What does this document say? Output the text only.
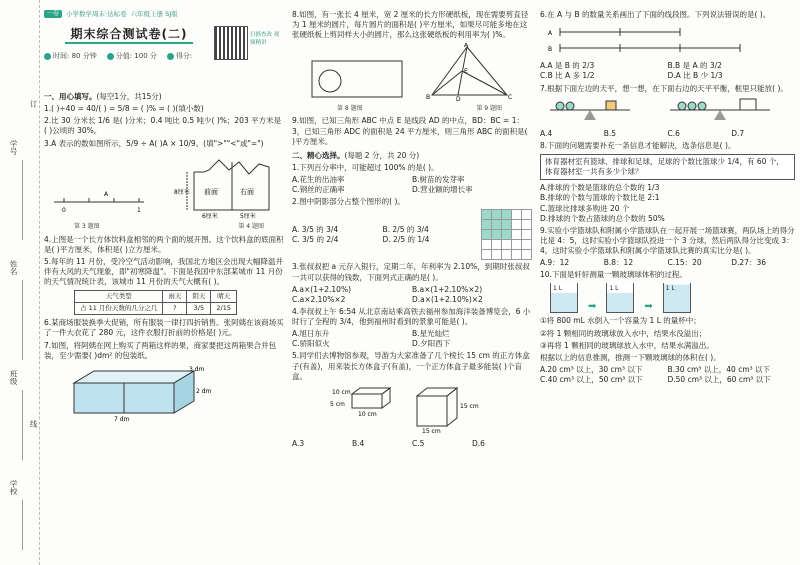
学号
姓名
班级
学校
订
线
一卷	小学数学周末·达标卷 六年级上册 SJ版
期末综合测试卷(二)
时间: 80 分钟	分值: 100 分	得分:
扫描查改 视频精讲
一、用心填写。(每空1分，共15分)

1.( )÷40 = 40/( ) = 5/8 = ( )% = ( )(填小数)

2.比 30 分米长 1/6 是( )分米；0.4 吨比 0.5 吨少( )%；203 平方米是( )公顷的 30%。

3.A 表示的数如图所示，5/9 ÷ A( )A × 10/9。(填">""<"或"=")

0	1
A	8厘米 前面	右面
6厘米	5厘米
第 3 题图	第 4 题图

4.上图是一个长方体饮料盒相邻的两个面的展开图。这个饮料盒的底面积是( )平方厘米，体积是( )立方厘米。

5.每年的 11 月份，受冷空气活动影响，我国北方地区会出现大幅降温并伴有大风的天气现象，即"初寒降温"。下面是我国中东部某城市 11 月份的天气情况统计表，该城市 11 月份的天气大概有( )。

天气类型	雨天	阴天	晴天
占 11 月份天数的几分之几	?	3/5	2/15

6.某商场服装换季大促销，所有服装一律打四折销售。张阿姨在该商场买了一件大衣花了 280 元，这件衣服打折前的价格是( )元。

7.如图，将阿姨在网上购买了两箱这样的果，商家要把这两箱果合并包装，至少需要( )dm² 的包装纸。

2 dm
3 dm
7 dm

8.如图，有一张长 4 厘米，宽 2 厘米的长方形硬纸板，现在需要剪直径为 1 厘米的圆片，每片圆片的面积是( )平方厘米，如果尽可能多地在这张硬纸板上剪同样大小的圆片，那么这张硬纸板的利用率为( )%。

A
B	D	C
E
第 8 题图	第 9 题图

9.如图，已知三角形 ABC 中点 E 是线段 AD 的中点，BD：BC = 1：3，已知三角形 ADC 的面积是 24 平方厘米，则三角形 ABC 的面积是( )平方厘米。

二、精心选择。(每题 2 分，共 20 分)

1.下列百分率中，可能超过 100% 的是( )。

A.花生的出油率	B.树苗的发芽率
C.钢丝的正确率	D.营业额的增长率

2.图中阴影部分占整个图形的( )。

A. 3/5 的 3/4	B. 2/5 的 3/4
C. 3/5 的 2/4	D. 2/5 的 1/4

3.张叔叔把 a 元存入银行，定期二年，年利率为 2.10%，到期时张叔叔一共可以获得的钱数，下面列式正确的是( )。

A.a×(1+2.10%)	B.a×(1+2.10%×2)
C.a×2.10%×2	D.a×(1+2.10%)×2

4.李叔叔上午 6:54 从北京南站乘高铁去福州参加海洋装备博览会，6 小时行了全程的 3/4，他到福州时看到的景象可能是( )。

A.旭日东升	B.星光灿烂
C.骄阳似火	D.夕阳西下

5.同学们去博物馆参观，导游为大家准备了几个棱长 15 cm 的正方体盒子(有盖)，用来装长方体盒子(有盖)，一个正方体盒子最多能装( )个盲盒。

10 cm
5 cm
10 cm
15 cm
15 cm
A.3	B.4	C.5	D.6

6.在 A 与 B 的数量关系画出了下面的线段图。下列说法错误的是( )。

A
B
A.A 是 B 的 2/3	B.B 是 A 的 3/2
C.B 比 A 多 1/2	D.A 比 B 少 1/3

7.根据下面左边的天平，想一想，在下面右边的天平平衡，框里只能放( )。

A.4	B.5	C.6	D.7

8.下面的问题需要补充一条信息才能解决，选条信息是( )。

体育器材室有篮球、排球和足球，足球的个数比篮球少 1/4，有 60 个，体育器材室一共有多少个球？

A.排球的个数是篮球的总个数的 1/3

B.排球的个数与篮球的个数比是 2:1

C.篮球比排球多购进 20 个

D.排球的个数占篮球的总个数的 50%

9.实验小学篮球队和附属小学篮球队在一起开展一场篮球赛，两队场上的得分比是 4：5，这时实验小学篮球队投进一个 3 分球，然后两队得分比变成 3：4，这时实验小学篮球队和附属小学篮球队比赛的真实比分是( )。

A.9：12	B.8：12	C.15：20	D.27：36

10.下面是轩轩测量一颗玻璃球体积的过程。

1 L
➡
1 L
➡
1 L

①将 800 mL 水倒入一个容量为 1 L 的量杯中；

②将 1 颗相同的玻璃球放入水中，结果水没溢出；

③再将 1 颗相同的玻璃球放入水中，结果水满溢出。

根据以上的信息推测，推测一下颗玻璃球的体积在( )。

A.20 cm³ 以上，30 cm³ 以下	B.30 cm³ 以上，40 cm³ 以下
C.40 cm³ 以上，50 cm³ 以下	D.50 cm³ 以上，60 cm³ 以下
